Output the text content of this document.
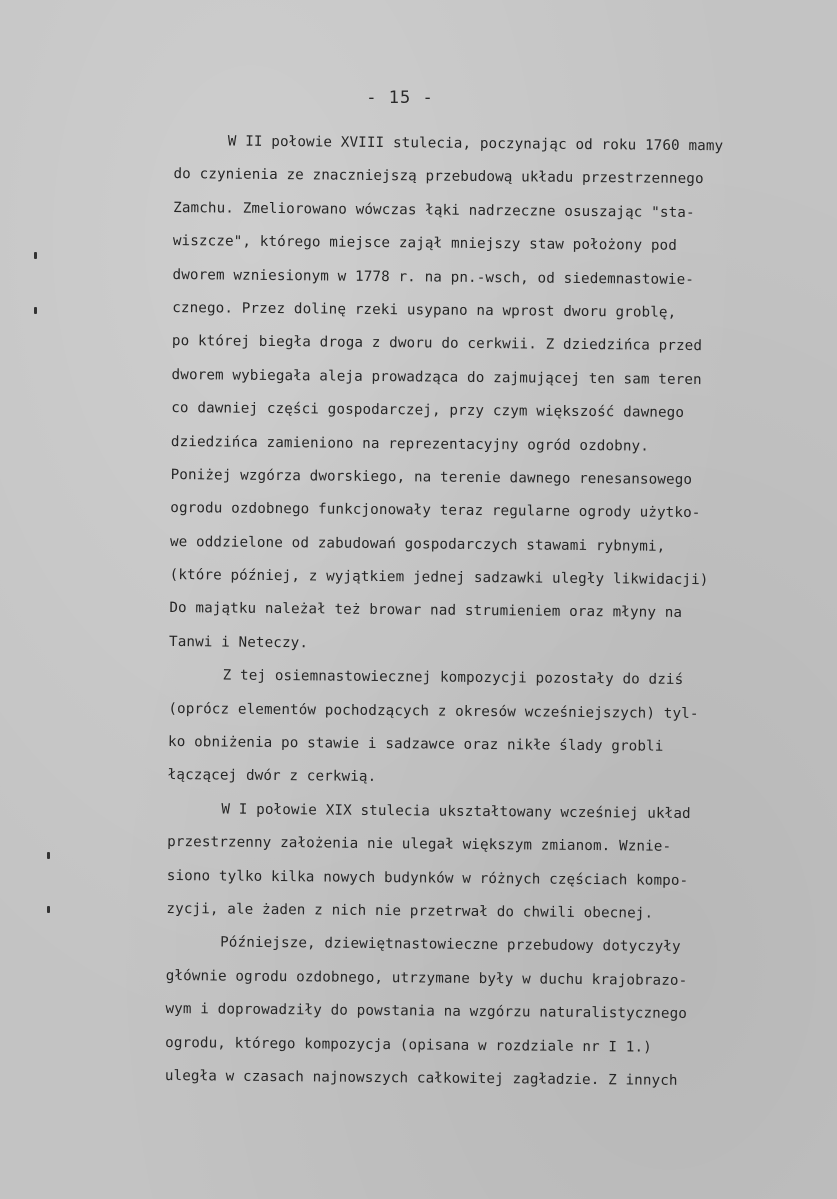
- 15 -
W II połowie XVIII stulecia, poczynając od roku 1760 mamy
do czynienia ze znaczniejszą przebudową układu przestrzennego
Zamchu. Zmeliorowano wówczas łąki nadrzeczne osuszając "sta-
wiszcze", którego miejsce zajął mniejszy staw położony pod
dworem wzniesionym w 1778 r. na pn.-wsch, od siedemnastowie-
cznego. Przez dolinę rzeki usypano na wprost dworu groblę,
po której biegła droga z dworu do cerkwii. Z dziedzińca przed
dworem wybiegała aleja prowadząca do zajmującej ten sam teren
co dawniej części gospodarczej, przy czym większość dawnego
dziedzińca zamieniono na reprezentacyjny ogród ozdobny.
Poniżej wzgórza dworskiego, na terenie dawnego renesansowego
ogrodu ozdobnego funkcjonowały teraz regularne ogrody użytko-
we oddzielone od zabudowań gospodarczych stawami rybnymi,
(które później, z wyjątkiem jednej sadzawki uległy likwidacji)
Do majątku należał też browar nad strumieniem oraz młyny na
Tanwi i Neteczy.
Z tej osiemnastowiecznej kompozycji pozostały do dziś
(oprócz elementów pochodzących z okresów wcześniejszych) tyl-
ko obniżenia po stawie i sadzawce oraz nikłe ślady grobli
łączącej dwór z cerkwią.
W I połowie XIX stulecia ukształtowany wcześniej układ
przestrzenny założenia nie ulegał większym zmianom. Wznie-
siono tylko kilka nowych budynków w różnych częściach kompo-
zycji, ale żaden z nich nie przetrwał do chwili obecnej.
Późniejsze, dziewiętnastowieczne przebudowy dotyczyły
głównie ogrodu ozdobnego, utrzymane były w duchu krajobrazo-
wym i doprowadziły do powstania na wzgórzu naturalistycznego
ogrodu, którego kompozycja (opisana w rozdziale nr I 1.)
uległa w czasach najnowszych całkowitej zagładzie. Z innych
